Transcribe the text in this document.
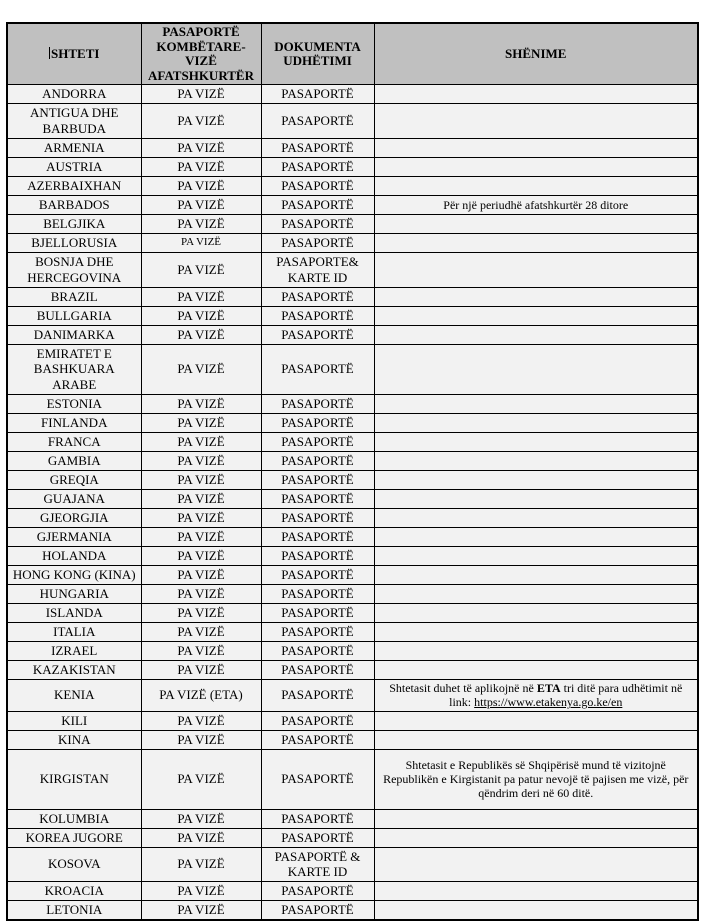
SHTETI	PASAPORTË KOMBËTARE-VIZË AFATSHKURTËR	DOKUMENTA UDHËTIMI	SHËNIME
ANDORRA	PA VIZË	PASAPORTË	
ANTIGUA DHE BARBUDA	PA VIZË	PASAPORTË	
ARMENIA	PA VIZË	PASAPORTË	
AUSTRIA	PA VIZË	PASAPORTË	
AZERBAIXHAN	PA VIZË	PASAPORTË	
BARBADOS	PA VIZË	PASAPORTË	Për një periudhë afatshkurtër 28 ditore
BELGJIKA	PA VIZË	PASAPORTË	
BJELLORUSIA	PA VIZË	PASAPORTË	
BOSNJA DHE HERCEGOVINA	PA VIZË	PASAPORTE& KARTE ID	
BRAZIL	PA VIZË	PASAPORTË	
BULLGARIA	PA VIZË	PASAPORTË	
DANIMARKA	PA VIZË	PASAPORTË	
EMIRATET E BASHKUARA ARABE	PA VIZË	PASAPORTË	
ESTONIA	PA VIZË	PASAPORTË	
FINLANDA	PA VIZË	PASAPORTË	
FRANCA	PA VIZË	PASAPORTË	
GAMBIA	PA VIZË	PASAPORTË	
GREQIA	PA VIZË	PASAPORTË	
GUAJANA	PA VIZË	PASAPORTË	
GJEORGJIA	PA VIZË	PASAPORTË	
GJERMANIA	PA VIZË	PASAPORTË	
HOLANDA	PA VIZË	PASAPORTË	
HONG KONG (KINA)	PA VIZË	PASAPORTË	
HUNGARIA	PA VIZË	PASAPORTË	
ISLANDA	PA VIZË	PASAPORTË	
ITALIA	PA VIZË	PASAPORTË	
IZRAEL	PA VIZË	PASAPORTË	
KAZAKISTAN	PA VIZË	PASAPORTË	
KENIA	PA VIZË (ETA)	PASAPORTË	Shtetasit duhet të aplikojnë në ETA tri ditë para udhëtimit në link: https://www.etakenya.go.ke/en
KILI	PA VIZË	PASAPORTË	
KINA	PA VIZË	PASAPORTË	
KIRGISTAN	PA VIZË	PASAPORTË	Shtetasit e Republikës së Shqipërisë mund të vizitojnë Republikën e Kirgistanit pa patur nevojë të pajisen me vizë, për qëndrim deri në 60 ditë.
KOLUMBIA	PA VIZË	PASAPORTË	
KOREA JUGORE	PA VIZË	PASAPORTË	
KOSOVA	PA VIZË	PASAPORTË & KARTE ID	
KROACIA	PA VIZË	PASAPORTË	
LETONIA	PA VIZË	PASAPORTË	
